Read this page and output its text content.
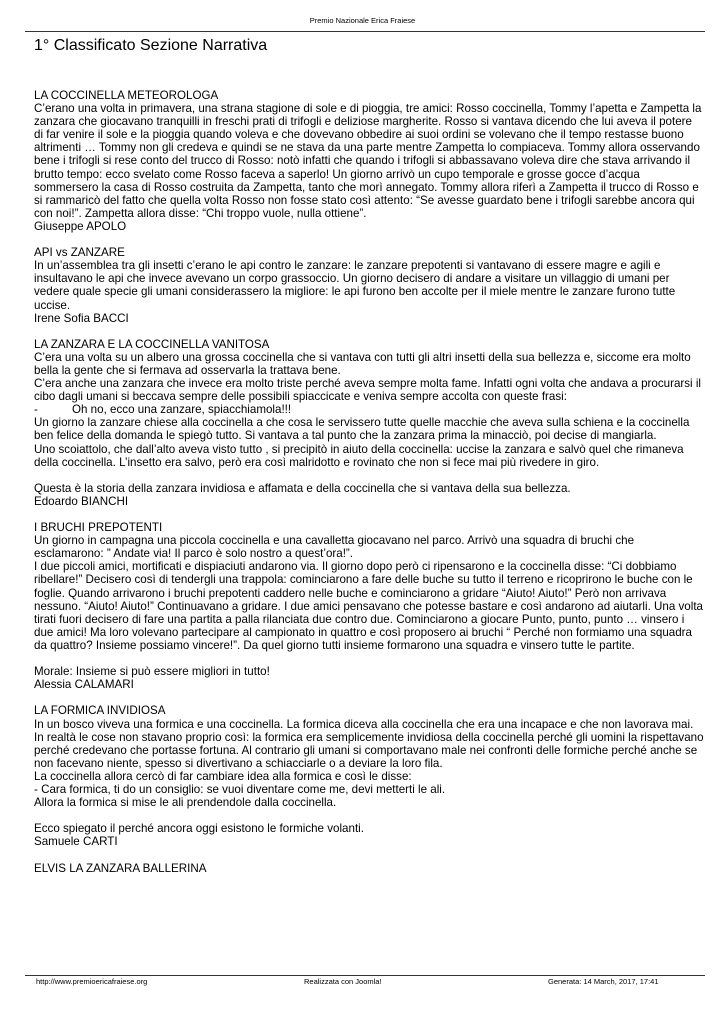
Premio Nazionale Erica Fraiese
1° Classificato Sezione Narrativa

LA COCCINELLA METEOROLOGA

C’erano una volta in primavera, una strana stagione di sole e di pioggia, tre amici: Rosso coccinella, Tommy l’apetta e Zampetta la zanzara che giocavano tranquilli in freschi prati di trifogli e deliziose margherite. Rosso si vantava dicendo che lui aveva il potere di far venire il sole e la pioggia quando voleva e che dovevano obbedire ai suoi ordini se volevano che il tempo restasse buono altrimenti … Tommy non gli credeva e quindi se ne stava da una parte mentre Zampetta lo compiaceva. Tommy allora osservando bene i trifogli si rese conto del trucco di Rosso: notò infatti che quando i trifogli si abbassavano voleva dire che stava arrivando il brutto tempo: ecco svelato come Rosso faceva a saperlo! Un giorno arrivò un cupo temporale e grosse gocce d’acqua sommersero la casa di Rosso costruita da Zampetta, tanto che morì annegato. Tommy allora riferì a Zampetta il trucco di Rosso e si rammaricò del fatto che quella volta Rosso non fosse stato così attento: “Se avesse guardato bene i trifogli sarebbe ancora qui con noi!”. Zampetta allora disse: “Chi troppo vuole, nulla ottiene”.

Giuseppe APOLO

API vs ZANZARE

In un’assemblea tra gli insetti c’erano le api contro le zanzare: le zanzare prepotenti si vantavano di essere magre e agili e insultavano le api che invece avevano un corpo grassoccio. Un giorno decisero di andare a visitare un villaggio di umani per vedere quale specie gli umani considerassero la migliore: le api furono ben accolte per il miele mentre le zanzare furono tutte uccise.

Irene Sofia BACCI

LA ZANZARA E LA COCCINELLA VANITOSA

C’era una volta su un albero una grossa coccinella che si vantava con tutti gli altri insetti della sua bellezza e, siccome era molto bella la gente che si fermava ad osservarla la trattava bene.

C’era anche una zanzara che invece era molto triste perché aveva sempre molta fame. Infatti ogni volta che andava a procurarsi il cibo dagli umani si beccava sempre delle possibili spiaccicate e veniva sempre accolta con queste frasi:

-	Oh no, ecco una zanzare, spiacchiamola!!!

Un giorno la zanzare chiese alla coccinella a che cosa le servissero tutte quelle macchie che aveva sulla schiena e la coccinella ben felice della domanda le spiegò tutto. Si vantava a tal punto che la zanzara prima la minacciò, poi decise di mangiarla.

Uno scoiattolo, che dall’alto aveva visto tutto , si precipitò in aiuto della coccinella: uccise la zanzara e salvò quel che rimaneva della coccinella. L’insetto era salvo, però era così malridotto e rovinato che non si fece mai più rivedere in giro.

Questa è la storia della zanzara invidiosa e affamata e della coccinella che si vantava della sua bellezza.

Edoardo BIANCHI

I BRUCHI PREPOTENTI

Un giorno in campagna una piccola coccinella e una cavalletta giocavano nel parco. Arrivò una squadra di bruchi che esclamarono: ” Andate via! Il parco è solo nostro a quest’ora!”.

I due piccoli amici, mortificati e dispiaciuti andarono via. Il giorno dopo però ci ripensarono e la coccinella disse: “Ci dobbiamo ribellare!” Decisero così di tendergli una trappola: cominciarono a fare delle buche su tutto il terreno e ricoprirono le buche con le foglie. Quando arrivarono i bruchi prepotenti caddero nelle buche e cominciarono a gridare “Aiuto! Aiuto!” Però non arrivava nessuno. “Aiuto! Aiuto!” Continuavano a gridare. I due amici pensavano che potesse bastare e così andarono ad aiutarli. Una volta tirati fuori decisero di fare una partita a palla rilanciata due contro due. Cominciarono a giocare Punto, punto, punto … vinsero i due amici! Ma loro volevano partecipare al campionato in quattro e così proposero ai bruchi “ Perché non formiamo una squadra da quattro? Insieme possiamo vincere!”. Da quel giorno tutti insieme formarono una squadra e vinsero tutte le partite.

Morale: Insieme si può essere migliori in tutto!

Alessia CALAMARI

LA FORMICA INVIDIOSA

In un bosco viveva una formica e una coccinella. La formica diceva alla coccinella che era una incapace e che non lavorava mai. In realtà le cose non stavano proprio così: la formica era semplicemente invidiosa della coccinella perché gli uomini la rispettavano perché credevano che portasse fortuna. Al contrario gli umani si comportavano male nei confronti delle formiche perché anche se non facevano niente, spesso si divertivano a schiacciarle o a deviare la loro fila.

La coccinella allora cercò di far cambiare idea alla formica e così le disse:

- Cara formica, ti do un consiglio: se vuoi diventare come me, devi metterti le ali.

Allora la formica si mise le ali prendendole dalla coccinella.

Ecco spiegato il perché ancora oggi esistono le formiche volanti.

Samuele CARTI

ELVIS LA ZANZARA BALLERINA

http://www.premioericafraiese.org	Realizzata con Joomla!	Generata: 14 March, 2017, 17:41
